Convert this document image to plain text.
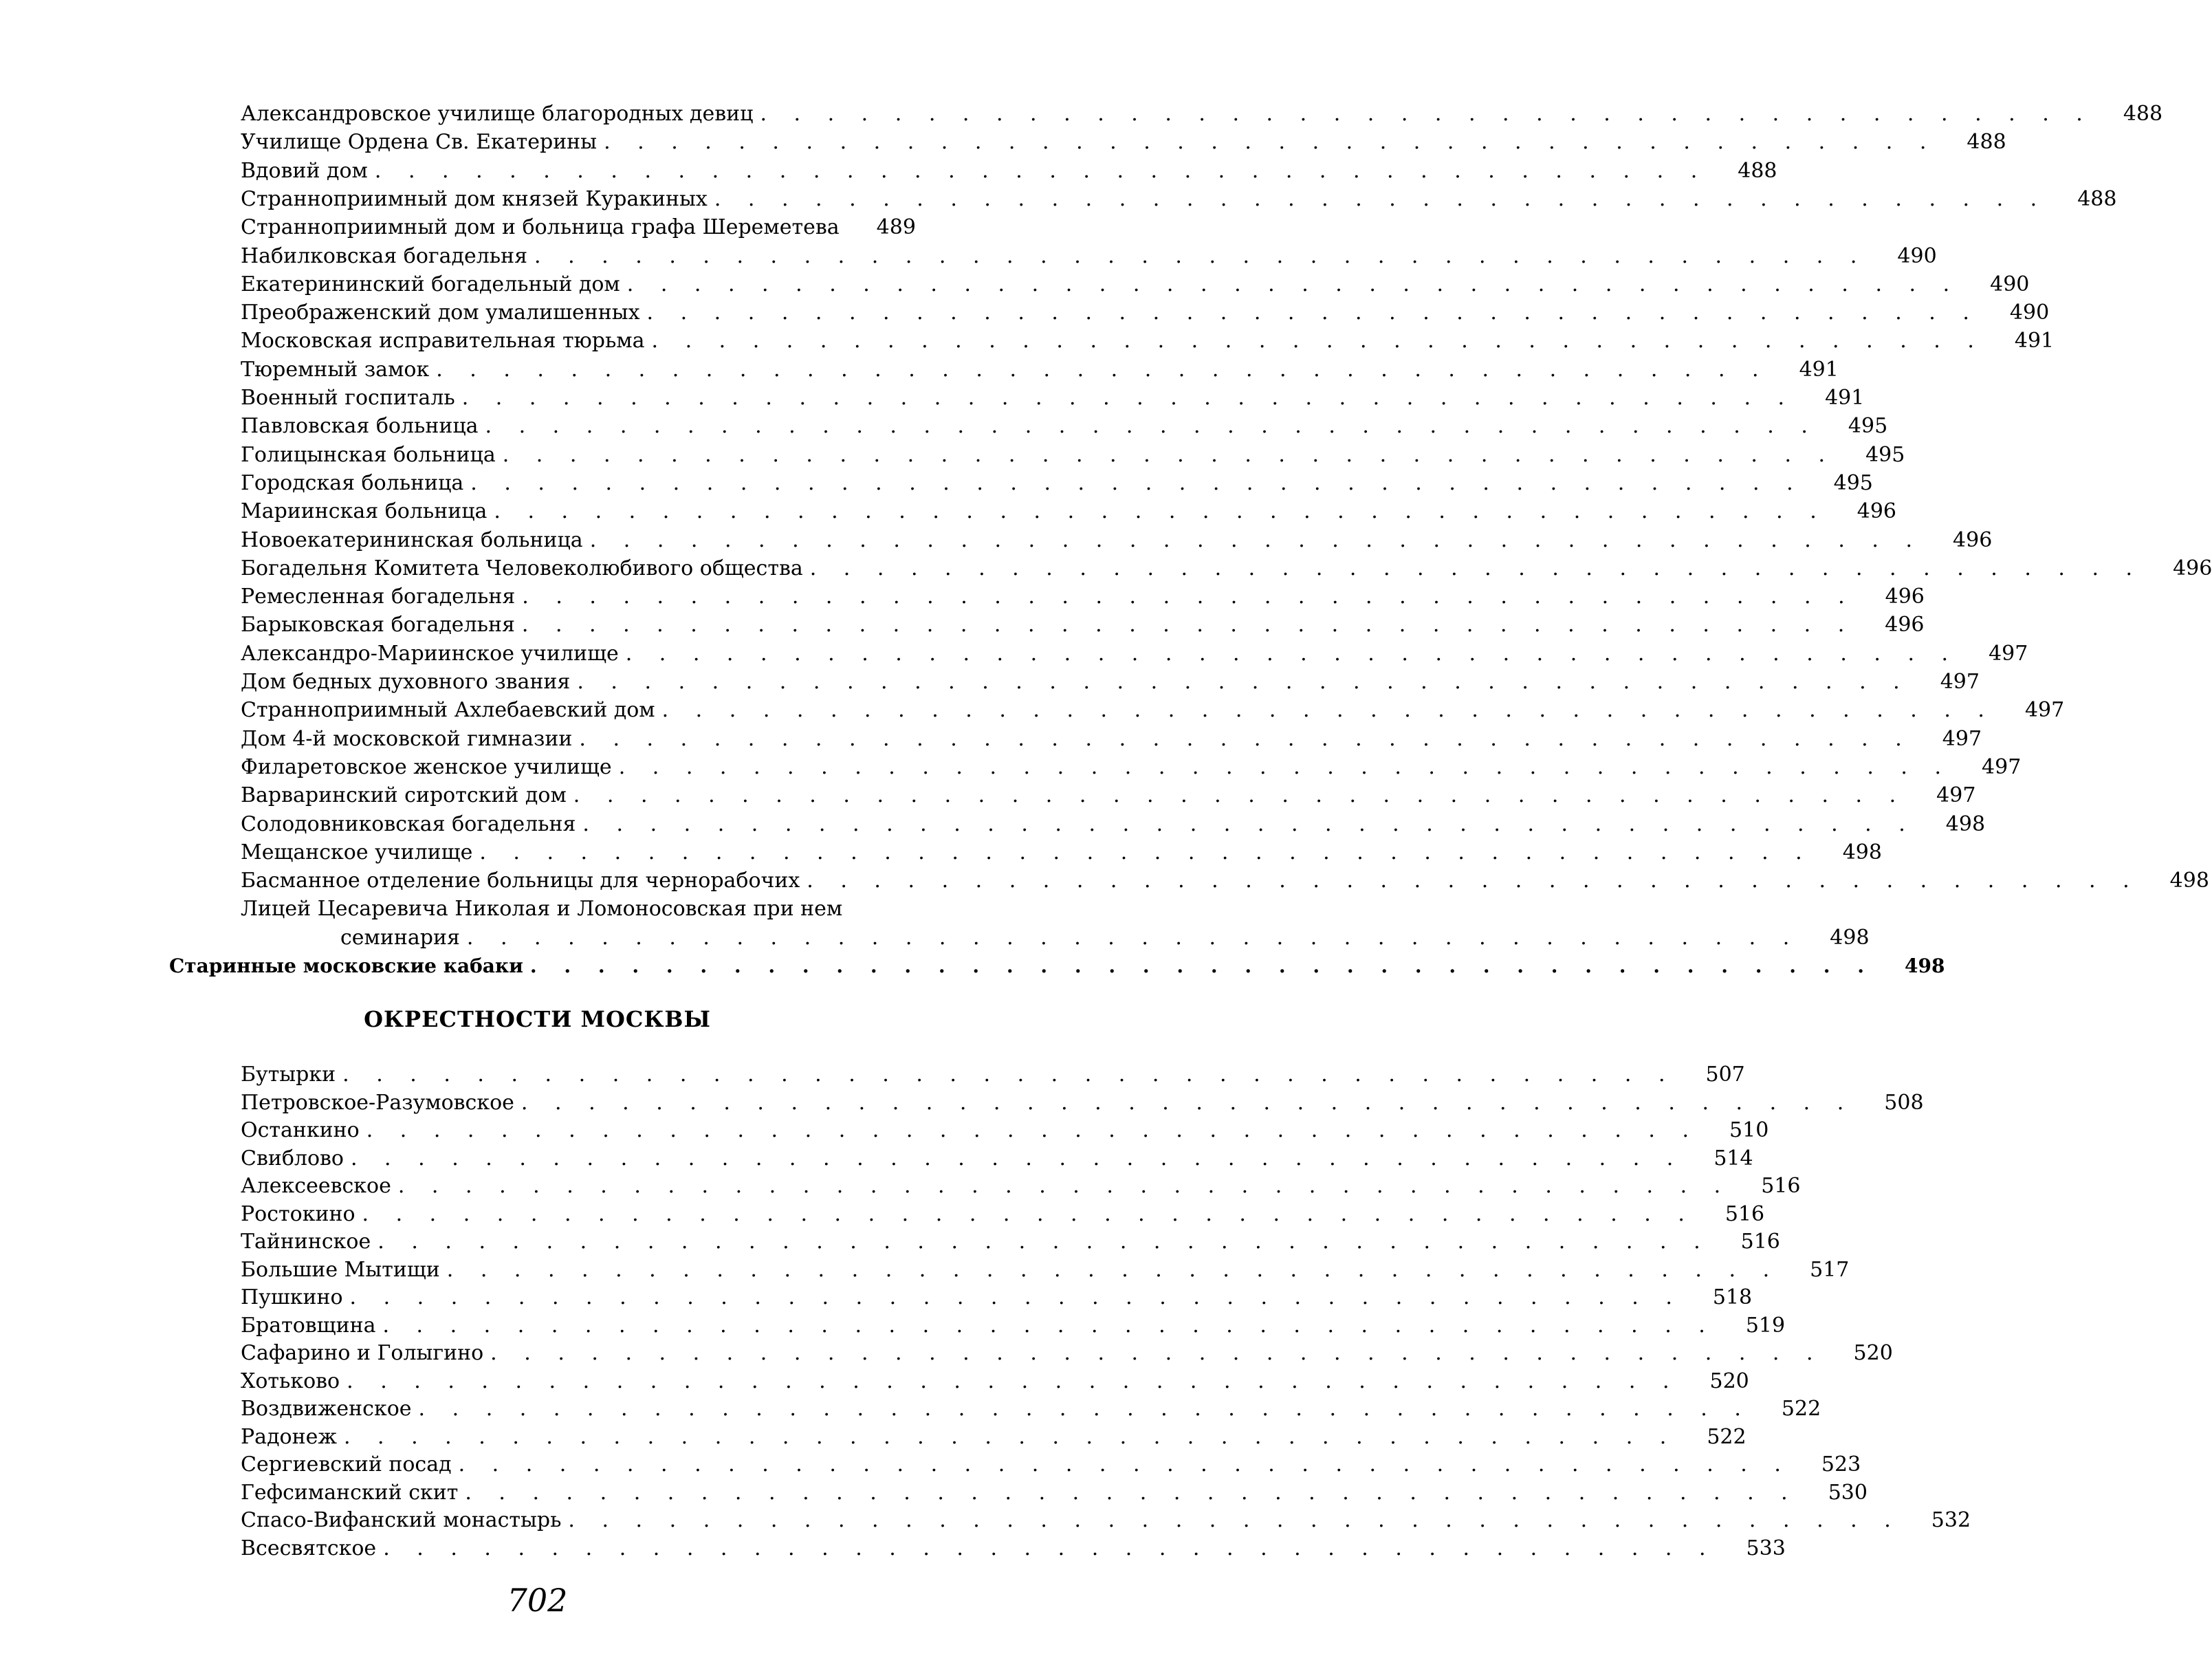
Александровское училище благородных девиц . . . . . . . . . . . . . . . . . . . . . . . . . . . . . . . . . . . . . . . . 488
Училище Ордена Св. Екатерины . . . . . . . . . . . . . . . . . . . . . . . . . . . . . . . . . . . . . . . . 488
Вдовий дом . . . . . . . . . . . . . . . . . . . . . . . . . . . . . . . . . . . . . . . . 488
Странноприимный дом князей Куракиных . . . . . . . . . . . . . . . . . . . . . . . . . . . . . . . . . . . . . . . . 488
Странноприимный дом и больница графа Шереметева 489
Набилковская богадельня . . . . . . . . . . . . . . . . . . . . . . . . . . . . . . . . . . . . . . . . 490
Екатерининский богадельный дом . . . . . . . . . . . . . . . . . . . . . . . . . . . . . . . . . . . . . . . . 490
Преображенский дом умалишенных . . . . . . . . . . . . . . . . . . . . . . . . . . . . . . . . . . . . . . . . 490
Московская исправительная тюрьма . . . . . . . . . . . . . . . . . . . . . . . . . . . . . . . . . . . . . . . . 491
Тюремный замок . . . . . . . . . . . . . . . . . . . . . . . . . . . . . . . . . . . . . . . . 491
Военный госпиталь . . . . . . . . . . . . . . . . . . . . . . . . . . . . . . . . . . . . . . . . 491
Павловская больница . . . . . . . . . . . . . . . . . . . . . . . . . . . . . . . . . . . . . . . . 495
Голицынская больница . . . . . . . . . . . . . . . . . . . . . . . . . . . . . . . . . . . . . . . . 495
Городская больница . . . . . . . . . . . . . . . . . . . . . . . . . . . . . . . . . . . . . . . . 495
Мариинская больница . . . . . . . . . . . . . . . . . . . . . . . . . . . . . . . . . . . . . . . . 496
Новоекатерининская больница . . . . . . . . . . . . . . . . . . . . . . . . . . . . . . . . . . . . . . . . 496
Богадельня Комитета Человеколюбивого общества . . . . . . . . . . . . . . . . . . . . . . . . . . . . . . . . . . . . . . . . 496
Ремесленная богадельня . . . . . . . . . . . . . . . . . . . . . . . . . . . . . . . . . . . . . . . . 496
Барыковская богадельня . . . . . . . . . . . . . . . . . . . . . . . . . . . . . . . . . . . . . . . . 496
Александро-Мариинское училище . . . . . . . . . . . . . . . . . . . . . . . . . . . . . . . . . . . . . . . . 497
Дом бедных духовного звания . . . . . . . . . . . . . . . . . . . . . . . . . . . . . . . . . . . . . . . . 497
Странноприимный Ахлебаевский дом . . . . . . . . . . . . . . . . . . . . . . . . . . . . . . . . . . . . . . . . 497
Дом 4-й московской гимназии . . . . . . . . . . . . . . . . . . . . . . . . . . . . . . . . . . . . . . . . 497
Филаретовское женское училище . . . . . . . . . . . . . . . . . . . . . . . . . . . . . . . . . . . . . . . . 497
Варваринский сиротский дом . . . . . . . . . . . . . . . . . . . . . . . . . . . . . . . . . . . . . . . . 497
Солодовниковская богадельня . . . . . . . . . . . . . . . . . . . . . . . . . . . . . . . . . . . . . . . . 498
Мещанское училище . . . . . . . . . . . . . . . . . . . . . . . . . . . . . . . . . . . . . . . . 498
Басманное отделение больницы для чернорабочих . . . . . . . . . . . . . . . . . . . . . . . . . . . . . . . . . . . . . . . . 498
Лицей Цесаревича Николая и Ломоносовская при нем
семинария . . . . . . . . . . . . . . . . . . . . . . . . . . . . . . . . . . . . . . . . 498
Старинные московские кабаки . . . . . . . . . . . . . . . . . . . . . . . . . . . . . . . . . . . . . . . . 498
Бутырки . . . . . . . . . . . . . . . . . . . . . . . . . . . . . . . . . . . . . . . . 507
Петровское-Разумовское . . . . . . . . . . . . . . . . . . . . . . . . . . . . . . . . . . . . . . . . 508
Останкино . . . . . . . . . . . . . . . . . . . . . . . . . . . . . . . . . . . . . . . . 510
Свиблово . . . . . . . . . . . . . . . . . . . . . . . . . . . . . . . . . . . . . . . . 514
Алексеевское . . . . . . . . . . . . . . . . . . . . . . . . . . . . . . . . . . . . . . . . 516
Ростокино . . . . . . . . . . . . . . . . . . . . . . . . . . . . . . . . . . . . . . . . 516
Тайнинское . . . . . . . . . . . . . . . . . . . . . . . . . . . . . . . . . . . . . . . . 516
Большие Мытищи . . . . . . . . . . . . . . . . . . . . . . . . . . . . . . . . . . . . . . . . 517
Пушкино . . . . . . . . . . . . . . . . . . . . . . . . . . . . . . . . . . . . . . . . 518
Братовщина . . . . . . . . . . . . . . . . . . . . . . . . . . . . . . . . . . . . . . . . 519
Сафарино и Голыгино . . . . . . . . . . . . . . . . . . . . . . . . . . . . . . . . . . . . . . . . 520
Хотьково . . . . . . . . . . . . . . . . . . . . . . . . . . . . . . . . . . . . . . . . 520
Воздвиженское . . . . . . . . . . . . . . . . . . . . . . . . . . . . . . . . . . . . . . . . 522
Радонеж . . . . . . . . . . . . . . . . . . . . . . . . . . . . . . . . . . . . . . . . 522
Сергиевский посад . . . . . . . . . . . . . . . . . . . . . . . . . . . . . . . . . . . . . . . . 523
Гефсиманский скит . . . . . . . . . . . . . . . . . . . . . . . . . . . . . . . . . . . . . . . . 530
Спасо-Вифанский монастырь . . . . . . . . . . . . . . . . . . . . . . . . . . . . . . . . . . . . . . . . 532
Всесвятское . . . . . . . . . . . . . . . . . . . . . . . . . . . . . . . . . . . . . . . . 533
ОКРЕСТНОСТИ МОСКВЫ
702
